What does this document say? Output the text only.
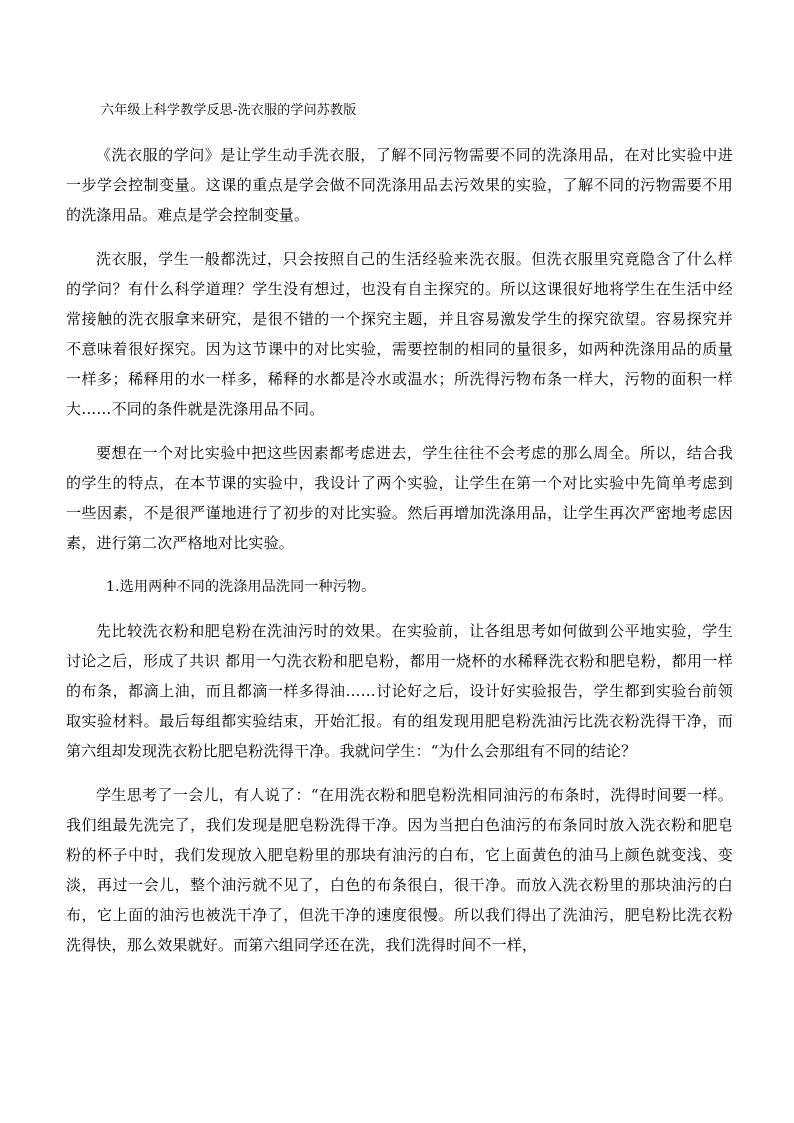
六年级上科学教学反思-洗衣服的学问苏教版

《洗衣服的学问》是让学生动手洗衣服，了解不同污物需要不同的洗涤用品，在对比实验中进一步学会控制变量。这课的重点是学会做不同洗涤用品去污效果的实验，了解不同的污物需要不用的洗涤用品。难点是学会控制变量。

洗衣服，学生一般都洗过，只会按照自己的生活经验来洗衣服。但洗衣服里究竟隐含了什么样的学问？有什么科学道理？学生没有想过，也没有自主探究的。所以这课很好地将学生在生活中经常接触的洗衣服拿来研究，是很不错的一个探究主题，并且容易激发学生的探究欲望。容易探究并不意味着很好探究。因为这节课中的对比实验，需要控制的相同的量很多，如两种洗涤用品的质量一样多；稀释用的水一样多，稀释的水都是冷水或温水；所洗得污物布条一样大，污物的面积一样大……不同的条件就是洗涤用品不同。

要想在一个对比实验中把这些因素都考虑进去，学生往往不会考虑的那么周全。所以，结合我的学生的特点，在本节课的实验中，我设计了两个实验，让学生在第一个对比实验中先简单考虑到一些因素，不是很严谨地进行了初步的对比实验。然后再增加洗涤用品，让学生再次严密地考虑因素，进行第二次严格地对比实验。

1.选用两种不同的洗涤用品洗同一种污物。

先比较洗衣粉和肥皂粉在洗油污时的效果。在实验前，让各组思考如何做到公平地实验，学生讨论之后，形成了共识 都用一勺洗衣粉和肥皂粉，都用一烧杯的水稀释洗衣粉和肥皂粉，都用一样的布条，都滴上油，而且都滴一样多得油……讨论好之后，设计好实验报告，学生都到实验台前领取实验材料。最后每组都实验结束，开始汇报。有的组发现用肥皂粉洗油污比洗衣粉洗得干净，而第六组却发现洗衣粉比肥皂粉洗得干净。我就问学生：“为什么会那组有不同的结论？

学生思考了一会儿，有人说了：“在用洗衣粉和肥皂粉洗相同油污的布条时，洗得时间要一样。我们组最先洗完了，我们发现是肥皂粉洗得干净。因为当把白色油污的布条同时放入洗衣粉和肥皂粉的杯子中时，我们发现放入肥皂粉里的那块有油污的白布，它上面黄色的油马上颜色就变浅、变淡，再过一会儿，整个油污就不见了，白色的布条很白，很干净。而放入洗衣粉里的那块油污的白布，它上面的油污也被洗干净了，但洗干净的速度很慢。所以我们得出了洗油污，肥皂粉比洗衣粉洗得快，那么效果就好。而第六组同学还在洗，我们洗得时间不一样，
